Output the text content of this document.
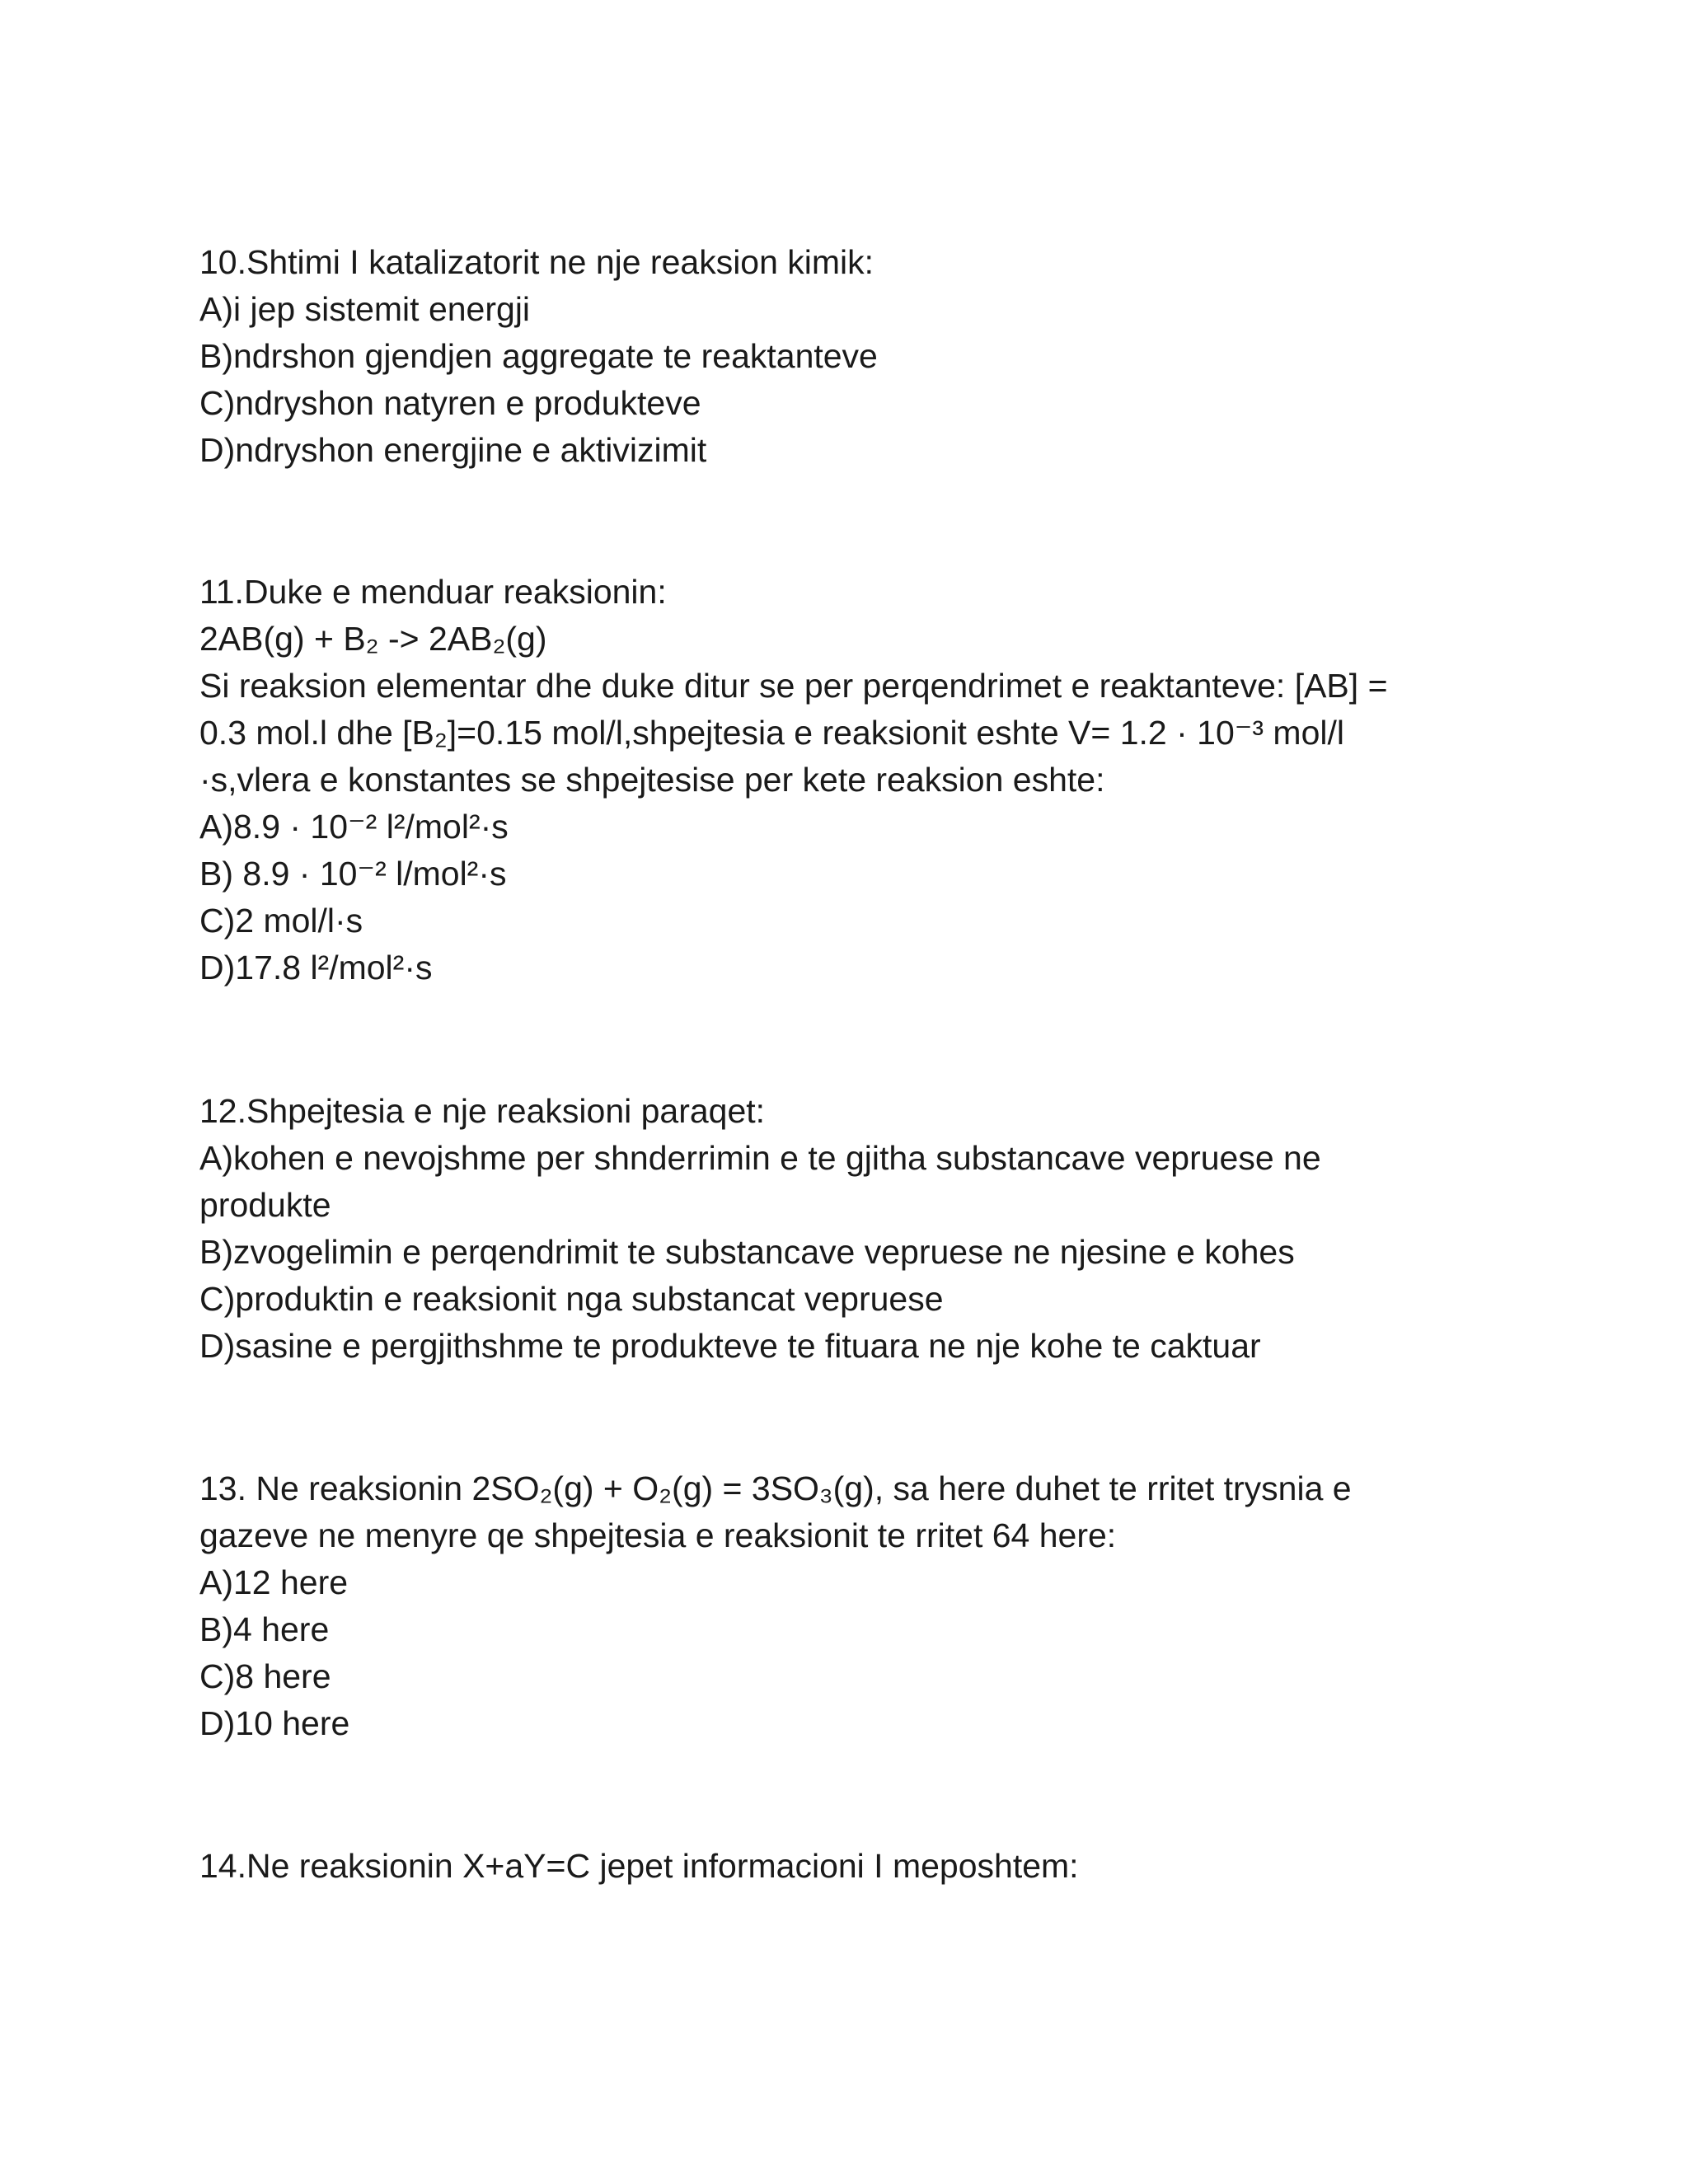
10.Shtimi I katalizatorit ne nje reaksion kimik:
A)i jep sistemit energji
B)ndrshon gjendjen aggregate te reaktanteve
C)ndryshon natyren e produkteve
D)ndryshon energjine e aktivizimit
11.Duke e menduar reaksionin:
2AB(g) + B₂ -> 2AB₂(g)
Si reaksion elementar dhe duke ditur se per perqendrimet e reaktanteve: [AB] =
0.3 mol.l dhe [B₂]=0.15 mol/l,shpejtesia e reaksionit eshte V= 1.2 · 10⁻³ mol/l
·s,vlera e konstantes se shpejtesise per kete reaksion eshte:
A)8.9 · 10⁻² l²/mol²·s
B) 8.9 · 10⁻² l/mol²·s
C)2 mol/l·s
D)17.8 l²/mol²·s
12.Shpejtesia e nje reaksioni paraqet:
A)kohen e nevojshme per shnderrimin e te gjitha substancave vepruese ne
produkte
B)zvogelimin e perqendrimit te substancave vepruese ne njesine e kohes
C)produktin e reaksionit nga substancat vepruese
D)sasine e pergjithshme te produkteve te fituara ne nje kohe te caktuar
13. Ne reaksionin 2SO₂(g) + O₂(g) = 3SO₃(g), sa here duhet te rritet trysnia e
gazeve ne menyre qe shpejtesia e reaksionit te rritet 64 here:
A)12 here
B)4 here
C)8 here
D)10 here
14.Ne reaksionin X+aY=C jepet informacioni I meposhtem:
